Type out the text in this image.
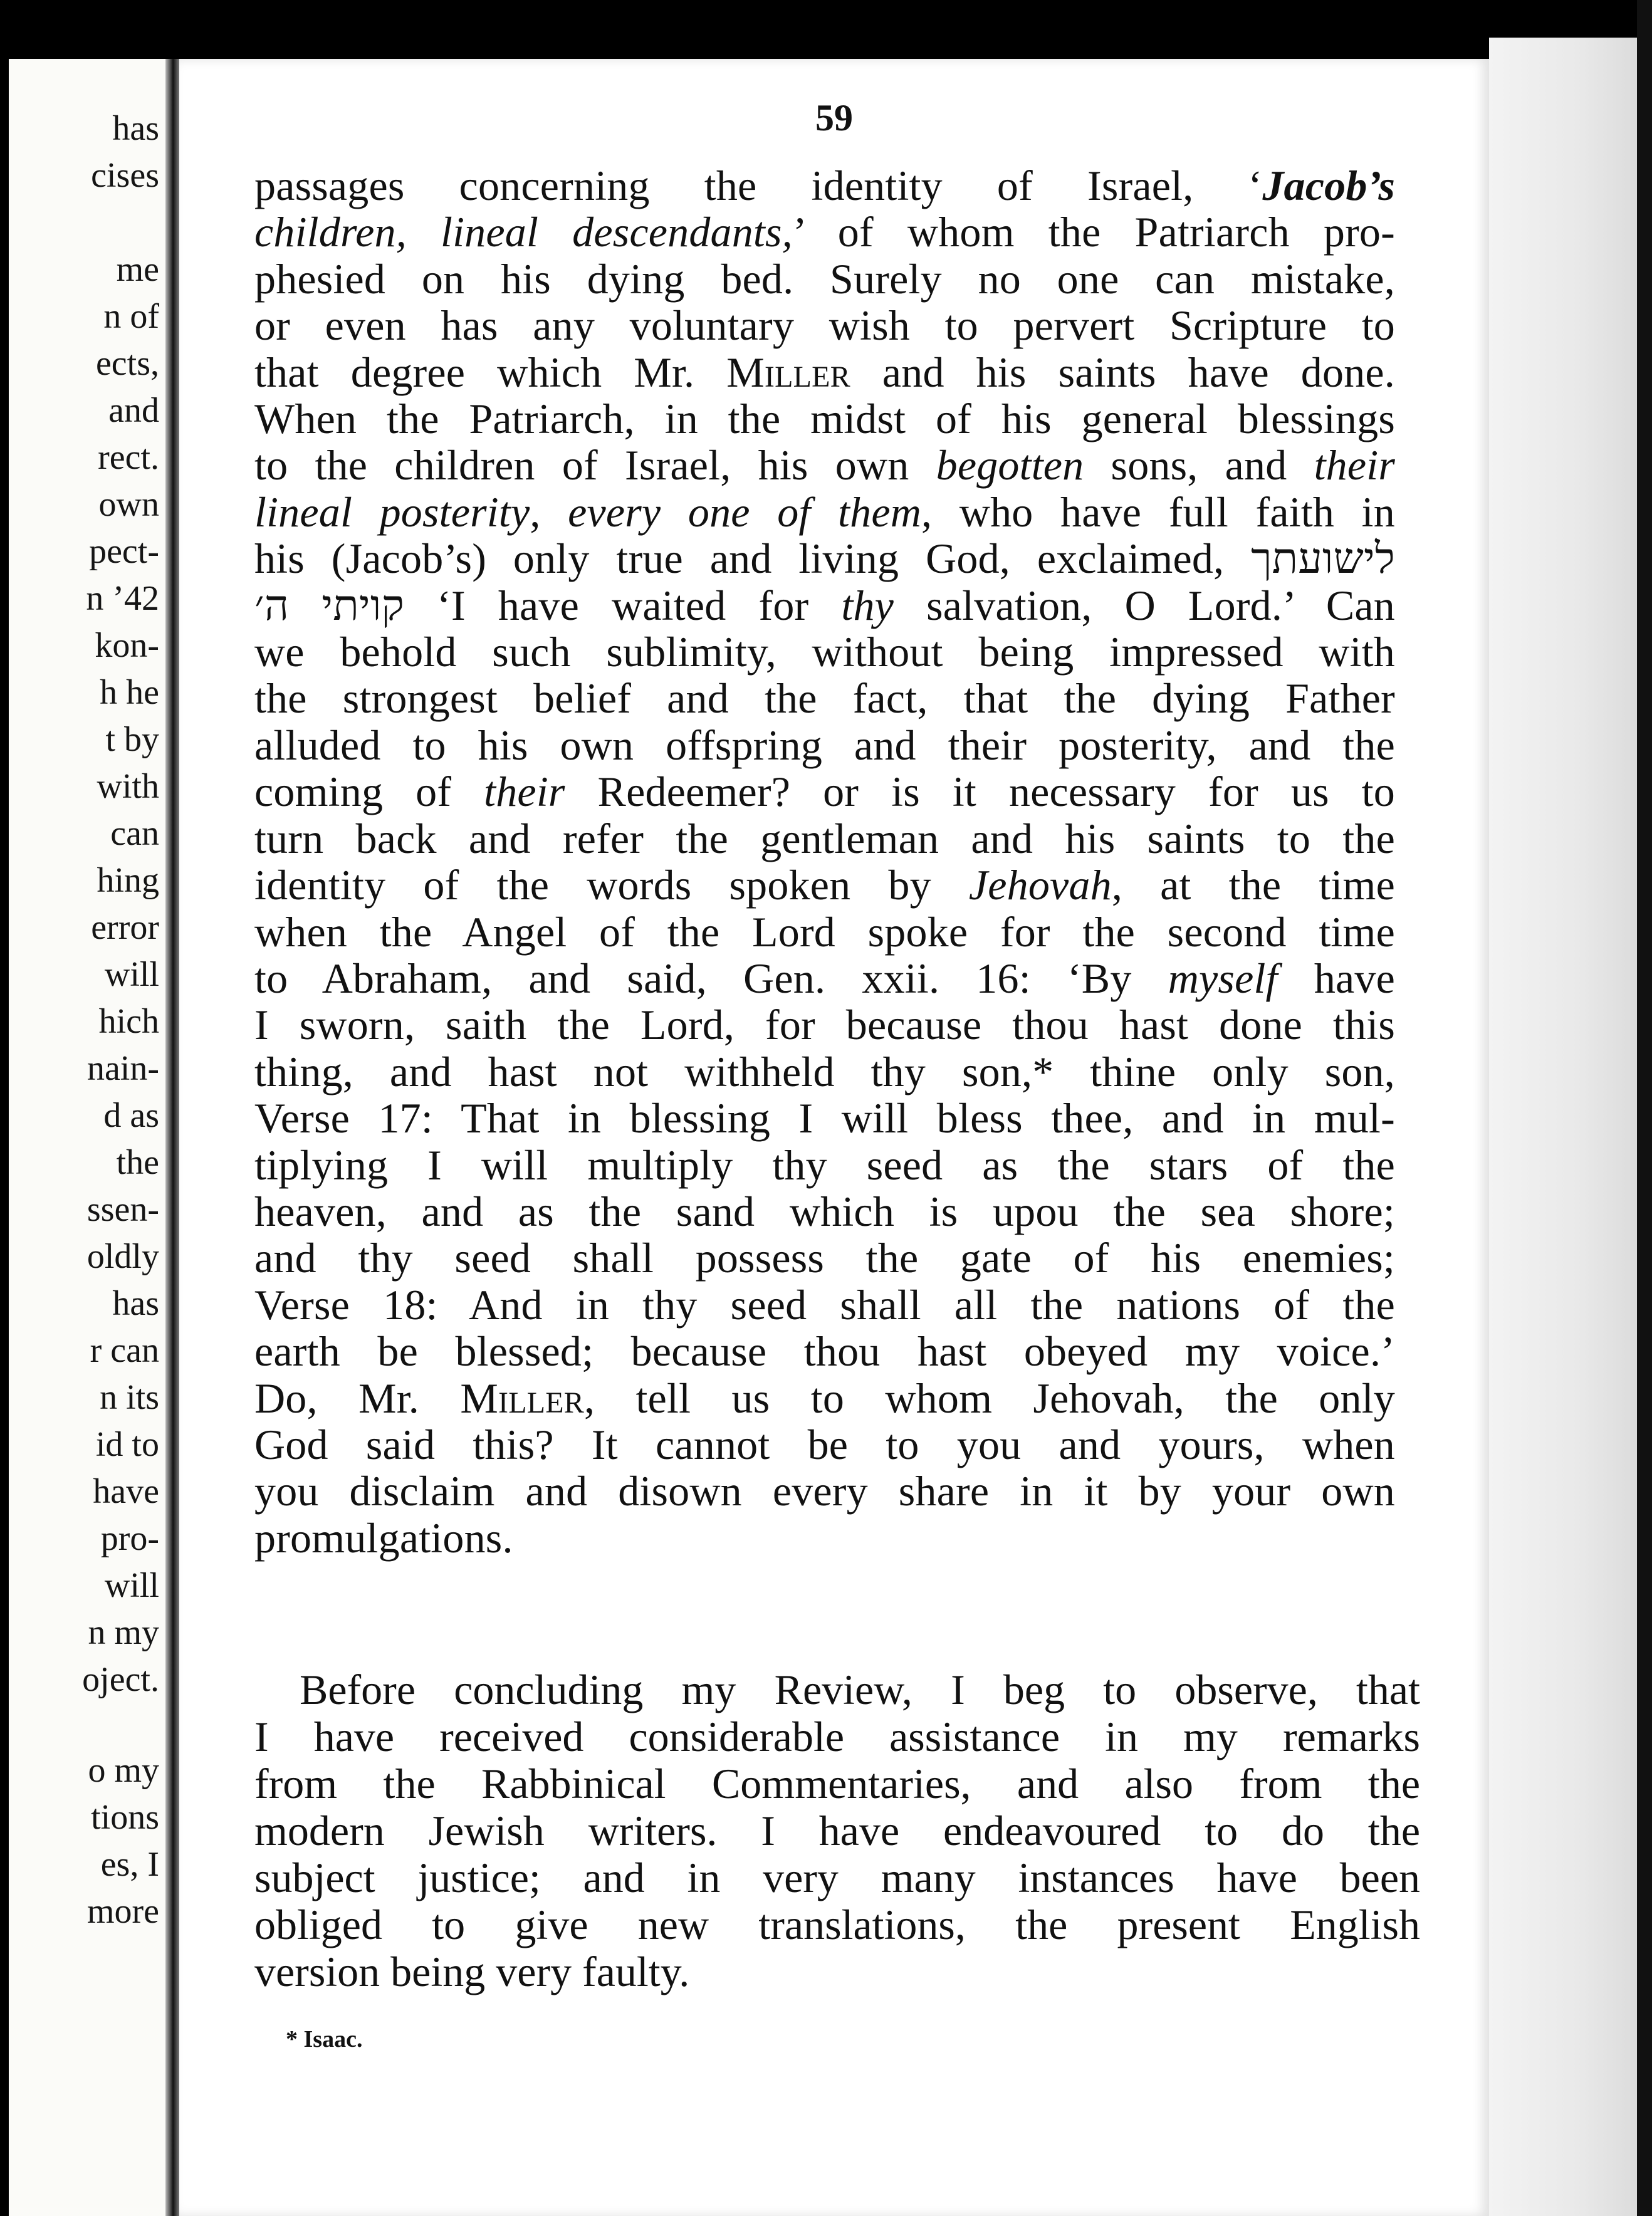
has
cises
me
n of
ects,
and
rect.
own
pect-
n ’42
kon-
h he
t by
with
can
hing
error
will
hich
nain-
d as
the
ssen-
oldly
has
r can
n its
id to
have
pro-
will
n my
oject.
o my
tions
es, I
more
59
passages concerning the identity of Israel, ‘Jacob’s
children, lineal descendants,’ of whom the Patriarch pro-
phesied on his dying bed. Surely no one can mistake,
or even has any voluntary wish to pervert Scripture to
that degree which Mr. Miller and his saints have done.
When the Patriarch, in the midst of his general blessings
to the children of Israel, his own begotten sons, and their
lineal posterity, every one of them, who have full faith in
his (Jacob’s) only true and living God, exclaimed, לישועתך
קויתי ה׳ ‘I have waited for thy salvation, O Lord.’ Can
we behold such sublimity, without being impressed with
the strongest belief and the fact, that the dying Father
alluded to his own offspring and their posterity, and the
coming of their Redeemer? or is it necessary for us to
turn back and refer the gentleman and his saints to the
identity of the words spoken by Jehovah, at the time
when the Angel of the Lord spoke for the second time
to Abraham, and said, Gen. xxii. 16: ‘By myself have
I sworn, saith the Lord, for because thou hast done this
thing, and hast not withheld thy son,* thine only son,
Verse 17: That in blessing I will bless thee, and in mul-
tiplying I will multiply thy seed as the stars of the
heaven, and as the sand which is upou the sea shore;
and thy seed shall possess the gate of his enemies;
Verse 18: And in thy seed shall all the nations of the
earth be blessed; because thou hast obeyed my voice.’
Do, Mr. Miller, tell us to whom Jehovah, the only
God said this? It cannot be to you and yours, when
you disclaim and disown every share in it by your own
promulgations.
Before concluding my Review, I beg to observe, that
I have received considerable assistance in my remarks
from the Rabbinical Commentaries, and also from the
modern Jewish writers. I have endeavoured to do the
subject justice; and in very many instances have been
obliged to give new translations, the present English
version being very faulty.
* Isaac.
